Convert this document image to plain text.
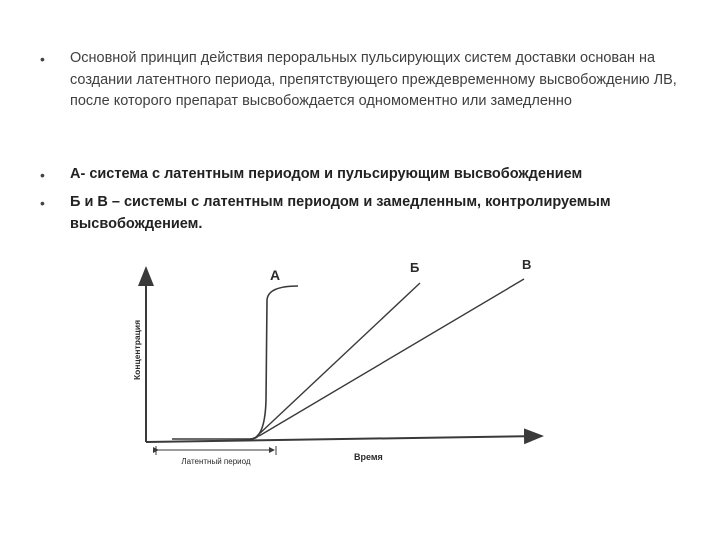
•	Основной принцип действия пероральных пульсирующих систем доставки основан на создании латентного периода, препятствующего преждевременному высвобождению ЛВ, после которого препарат высвобождается одномоментно или замедленно
•	А- система с латентным периодом и пульсирующим высвобождением
•	Б и В – системы с латентным периодом и замедленным, контролируемым высвобождением.
А	Б	В
Концентрация
Время
Латентный период
